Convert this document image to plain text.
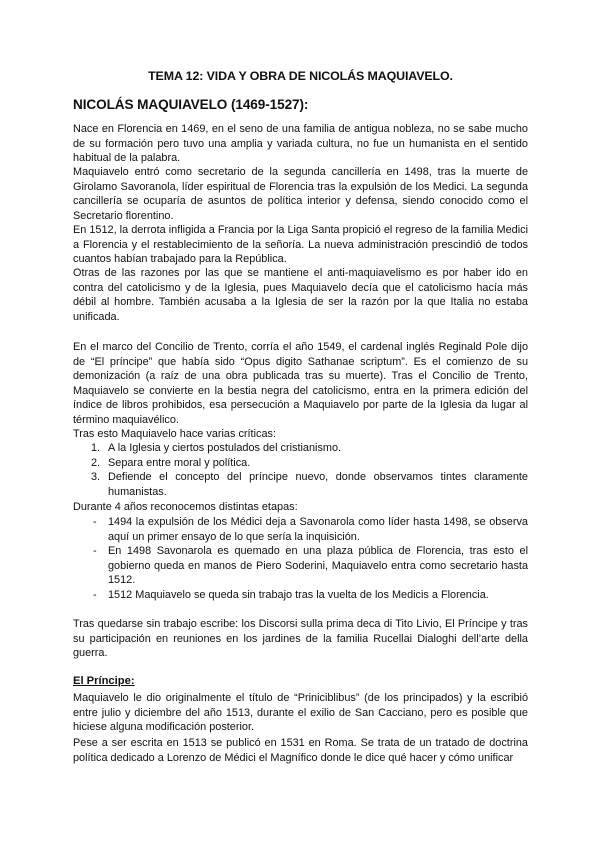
TEMA 12: VIDA Y OBRA DE NICOLÁS MAQUIAVELO.
NICOLÁS MAQUIAVELO (1469-1527):

Nace en Florencia en 1469, en el seno de una familia de antigua nobleza, no se sabe mucho de su formación pero tuvo una amplia y variada cultura, no fue un humanista en el sentido habitual de la palabra.

Maquiavelo entró como secretario de la segunda cancillería en 1498, tras la muerte de Girolamo Savoranola, líder espiritual de Florencia tras la expulsión de los Medici. La segunda cancillería se ocuparía de asuntos de política interior y defensa, siendo conocido como el Secretario florentino.

En 1512, la derrota infligida a Francia por la Liga Santa propició el regreso de la familia Medici a Florencia y el restablecimiento de la señoría. La nueva administración prescindió de todos cuantos habían trabajado para la República.

Otras de las razones por las que se mantiene el anti-maquiavelismo es por haber ido en contra del catolicismo y de la Iglesia, pues Maquiavelo decía que el catolicismo hacía más débil al hombre. También acusaba a la Iglesia de ser la razón por la que Italia no estaba unificada.

En el marco del Concilio de Trento, corría el año 1549, el cardenal inglés Reginald Pole dijo de “El príncipe” que había sido “Opus digito Sathanae scriptum”. Es el comienzo de su demonización (a raíz de una obra publicada tras su muerte). Tras el Concilio de Trento, Maquiavelo se convierte en la bestia negra del catolicismo, entra en la primera edición del índice de libros prohibidos, esa persecución a Maquiavelo por parte de la Iglesia da lugar al término maquiavélico.

Tras esto Maquiavelo hace varias críticas:

1. A la Iglesia y ciertos postulados del cristianismo.
2. Separa entre moral y política.
3. Defiende el concepto del príncipe nuevo, donde observamos tintes claramente humanistas.

Durante 4 años reconocemos distintas etapas:

- 1494 la expulsión de los Médici deja a Savonarola como líder hasta 1498, se observa aquí un primer ensayo de lo que sería la inquisición.
- En 1498 Savonarola es quemado en una plaza pública de Florencia, tras esto el gobierno queda en manos de Piero Soderini, Maquiavelo entra como secretario hasta 1512.
- 1512 Maquiavelo se queda sin trabajo tras la vuelta de los Medicis a Florencia.

Tras quedarse sin trabajo escribe: los Discorsi sulla prima deca di Tito Livio, El Príncipe y tras su participación en reuniones en los jardines de la familia Rucellai Dialoghi dell’arte della guerra.

El Príncipe:

Maquiavelo le dio originalmente el título de “Priniciblibus” (de los principados) y la escribió entre julio y diciembre del año 1513, durante el exilio de San Cacciano, pero es posible que hiciese alguna modificación posterior.

Pese a ser escrita en 1513 se publicó en 1531 en Roma. Se trata de un tratado de doctrina política dedicado a Lorenzo de Médici el Magnífico donde le dice qué hacer y cómo unificar
